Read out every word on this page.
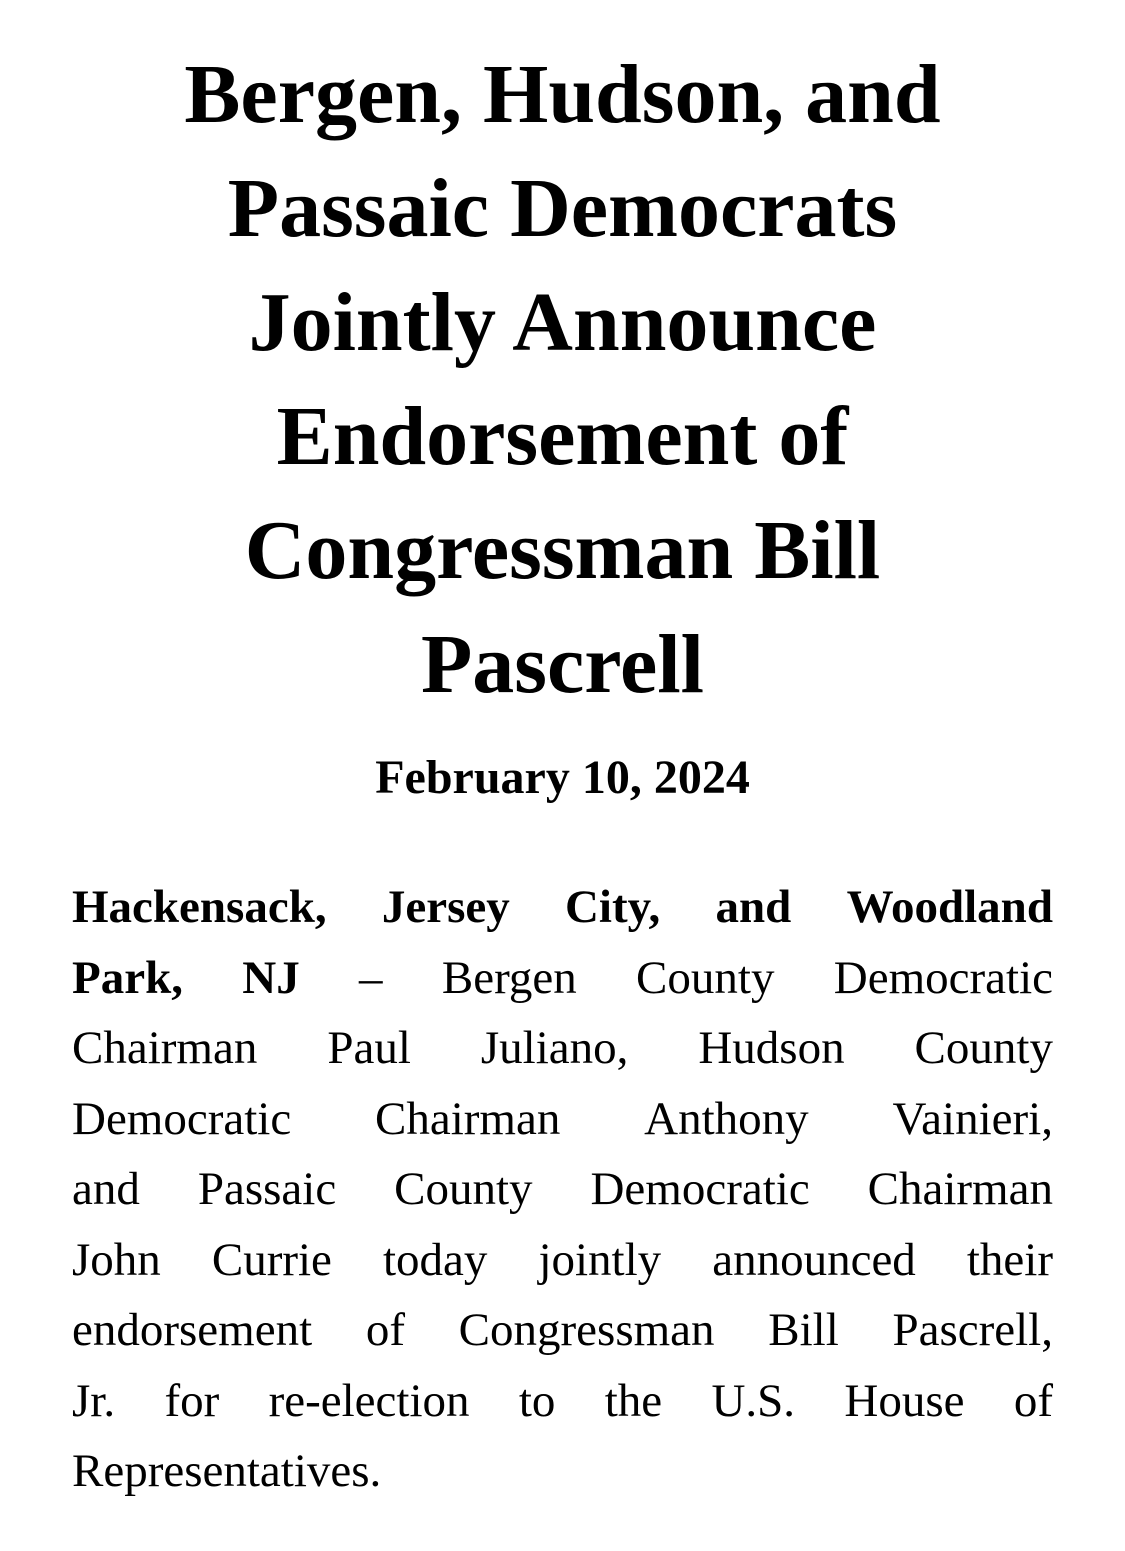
Bergen, Hudson, and
Passaic Democrats
Jointly Announce
Endorsement of
Congressman Bill
Pascrell
February 10, 2024
Hackensack, Jersey City, and Woodland
Park, NJ – Bergen County Democratic
Chairman Paul Juliano, Hudson County
Democratic Chairman Anthony Vainieri,
and Passaic County Democratic Chairman
John Currie today jointly announced their
endorsement of Congressman Bill Pascrell,
Jr. for re-election to the U.S. House of
Representatives.
